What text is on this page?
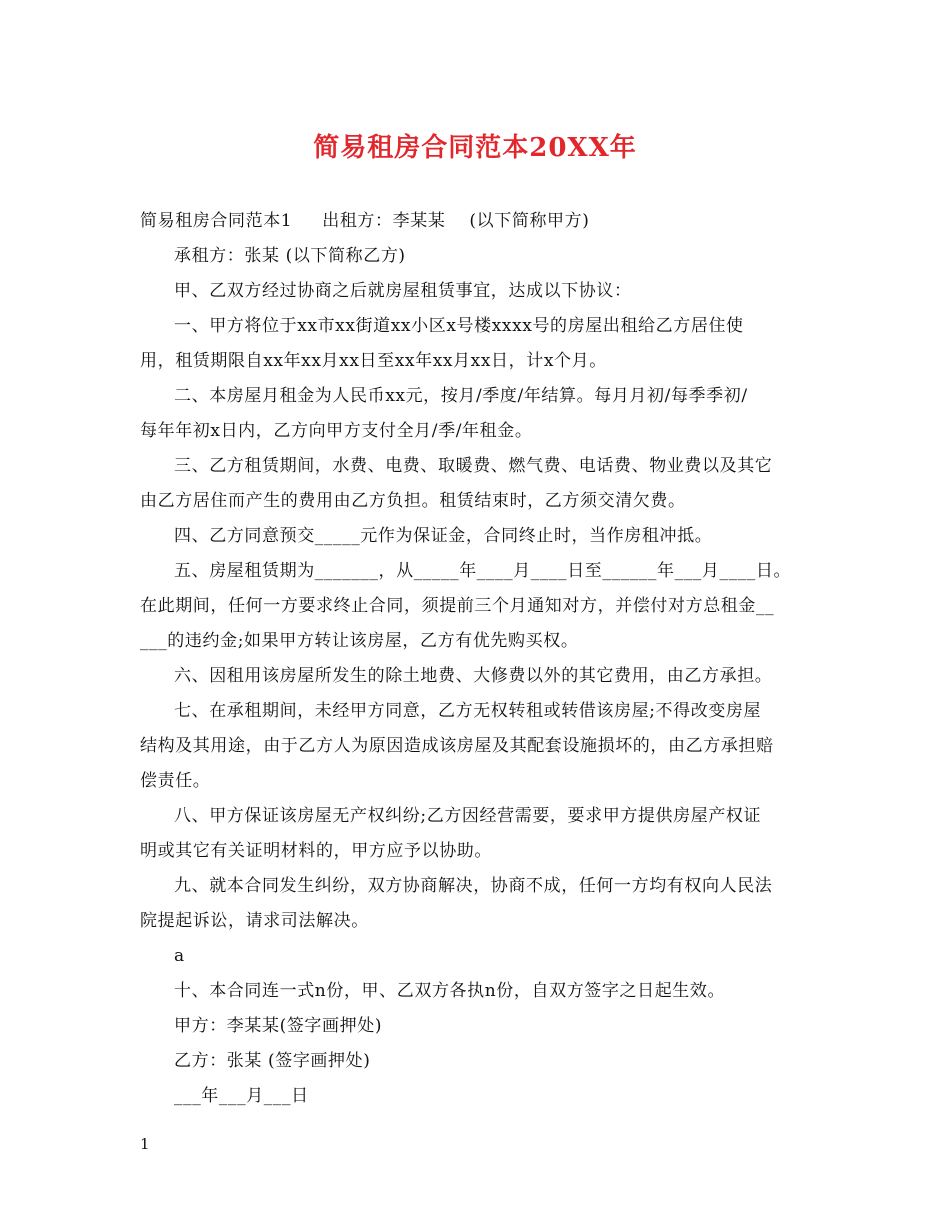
简易租房合同范本20XX年
简易租房合同范本1 出租方：李某某 (以下简称甲方)
承租方：张某 (以下简称乙方)
甲、乙双方经过协商之后就房屋租赁事宜，达成以下协议：
一、甲方将位于xx市xx街道xx小区x号楼xxxx号的房屋出租给乙方居住使
用，租赁期限自xx年xx月xx日至xx年xx月xx日，计x个月。
二、本房屋月租金为人民币xx元，按月/季度/年结算。每月月初/每季季初/
每年年初x日内，乙方向甲方支付全月/季/年租金。
三、乙方租赁期间，水费、电费、取暖费、燃气费、电话费、物业费以及其它
由乙方居住而产生的费用由乙方负担。租赁结束时，乙方须交清欠费。
四、乙方同意预交_____元作为保证金，合同终止时，当作房租冲抵。
五、房屋租赁期为_______，从_____年____月____日至______年___月____日。
在此期间，任何一方要求终止合同，须提前三个月通知对方，并偿付对方总租金__
___的违约金;如果甲方转让该房屋，乙方有优先购买权。
六、因租用该房屋所发生的除土地费、大修费以外的其它费用，由乙方承担。
七、在承租期间，未经甲方同意，乙方无权转租或转借该房屋;不得改变房屋
结构及其用途，由于乙方人为原因造成该房屋及其配套设施损坏的，由乙方承担赔
偿责任。
八、甲方保证该房屋无产权纠纷;乙方因经营需要，要求甲方提供房屋产权证
明或其它有关证明材料的，甲方应予以协助。
九、就本合同发生纠纷，双方协商解决，协商不成，任何一方均有权向人民法
院提起诉讼，请求司法解决。
a
十、本合同连一式n份，甲、乙双方各执n份，自双方签字之日起生效。
甲方：李某某(签字画押处)
乙方：张某 (签字画押处)
___年___月___日
1
